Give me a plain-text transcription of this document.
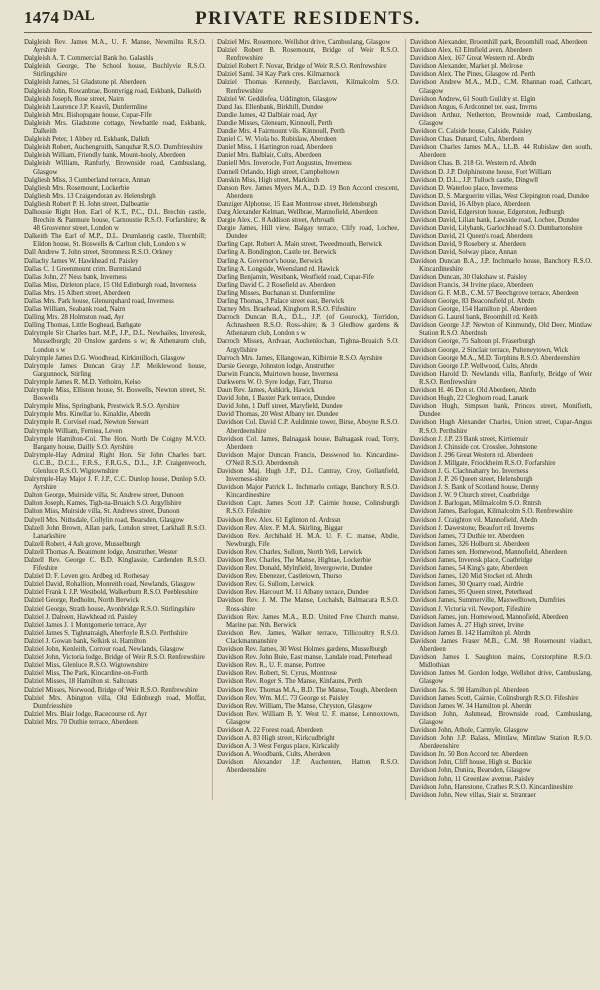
1474 DAL	PRIVATE RESIDENTS.

Dalgleish Rev. James M.A., U. F. Manse, Newmilns R.S.O. Ayrshire

Dalgleish A. T. Commercial Bank ho. Galashls

Dalgleish George, The School house, Buchlyvie R.S.O. Stirlingshire

Dalgleish James, 51 Gladstone pl. Aberdeen

Dalgleish John, Rowanbrae, Bonnyrigg road, Eskbank, Dalkeith

Dalgleish Joseph, Rose street, Nairn

Dalgleish Laurence J.P. Keavil, Dunfermline

Dalgleish Mrs. Bishopsgate house, Cupar-Fife

Dalgleish Mrs. Gladstone cottage, Newbattle road, Eskbank, Dalkeith

Dalgleish Peter, 1 Abbey rd. Eskbank, Dalkth

Dalgleish Robert, Auchengruith, Sanquhar R.S.O. Dumfriesshire

Dalgleish William, Friendly bank, Mount-hooly, Aberdeen

Dalgleish William, Ranfurly, Brownside road, Cambuslang, Glasgow

Dalgliesh Miss, 3 Cumberland terrace, Annan

Dalgliesh Mrs. Rosemount, Lockerbie

Dalgliesh Mrs. 13 Craigendoran av. Helensbrgh

Dalgliesh Robert P. H. John street, Dalbeattie

Dalhousie Right Hon. Earl of K.T., P.C., D.L. Brechin castle, Brechin & Panmure house, Carnoustie R.S.O. Forfarshire; & 48 Grosvenor street, London w

Dalkeith The Earl of M.P., D.L. Drumlanrig castle, Thornhill; Eildon house, St. Boswells & Carlton club, London s w

Dall Andrew T. John street, Stromness R.S.O. Orkney

Dallachy James W. Hawkhead rd. Paisley

Dallas C. 1 Greenmount crim. Burntisland

Dallas John, 27 Ness bank, Inverness

Dallas Miss, Dirleton place, 15 Old Edinburgh road, Inverness

Dallas Mrs. 15 Albert street, Aberdeen

Dallas Mrs. Park house, Glenurquhard road, Inverness

Dallas William, Seabank road, Nairn

Dalling Mrs. 28 Holmston road, Ayr

Dalling Thomas, Little Boghead, Bathgate

Dalrymple Sir Charles bart. M.P., J.P., D.L. Newhailes, Inveresk, Musselburgh; 20 Onslow gardens s w; & Athenæum club, London s w

Dalrymple James D.G. Woodhead, Kirkintilloch, Glasgow

Dalrymple James Duncan Gray J.P. Meiklewood house, Gargunnock, Stirling

Dalrymple James R. M.D. Yetholm, Kelso

Dalrymple Miss, Elliston house, St. Boswells, Newton street, St. Boswells

Dalrymple Miss, Springbank, Prestwick R.S.O. Ayrshire

Dalrymple Mrs. Kinellar lo. Kinaldie, Aberdn

Dalrymple R. Corvisel road, Newton Stewart

Dalrymple William, Ferniea, Leven

Dalrymple Hamilton-Col. The Hon. North De Coigny M.V.O. Bargany house, Dailly S.O. Ayrshire

Dalrymple-Hay Admiral Right Hon. Sir John Charles bart. G.C.B., D.C.L., F.R.S., F.R.G.S., D.L., J.P. Craigenveoch, Glenluce R.S.O. Wigtownshire

Dalrymple-Hay Major J. F. J.P., C.C. Dunlop house, Dunlop S.O. Ayrshire

Dalton George, Muirside villa, St. Andrew street, Dunoon

Dalton Joseph, Kames, Tigh-na-Bruaich S.O. Argyllshire

Dalton Miss, Muirside villa, St. Andrews street, Dunoon

Dalyell Mrs. Nithsdale, Collylin road, Bearsden, Glasgow

Dalzell John Brown, Allan park, London street, Larkhall R.S.O. Lanarkshire

Dalzell Robert, 4 Ash grove, Musselburgh

Dalzell Thomas A. Beaumont lodge, Anstruther, Wester

Dalzell Rev. George C. B.D. Kinglassie, Cardenden R.S.O. Fifeshire

Dalziel D. F. Leven gro. Ardbeg rd. Rothesay

Dalziel David, Rohallion, Monreith road, Newlands, Glasgow

Dalziel Frank I. J.P. Westbold, Walkerburn R.S.O. Peeblesshire

Dalziel George, Redholm, North Berwick

Dalziel George, Strath house, Avonbridge R.S.O. Stirlingshire

Dalziel J. Dalreen, Hawkhead rd. Paisley

Dalziel James J. 1 Montgomerie terrace, Ayr

Dalziel James S. Tighnatraigh, Aberfoyle R.S.O. Perthshire

Dalziel J. Gowan bank, Selkirk st. Hamilton

Dalziel John, Kenleith, Corrour road, Newlands, Glasgow

Dalziel John, Victoria lodge, Bridge of Weir R.S.O. Renfrewshire

Dalziel Miss, Glenluce R.S.O. Wigtownshire

Dalziel Miss, The Park, Kincardine-on-Forth

Dalziel Misses, 18 Hamilton st. Saltcoats

Dalziel Misses, Norwood, Bridge of Weir R.S.O. Renfrewshire

Dalziel Mrs. Abington villa, Old Edinburgh road, Moffat, Dumfriesshire

Dalziel Mrs. Blair lodge, Racecourse rd. Ayr

Dalziel Mrs. 70 Duthie terrace, Aberdeen

Dalziel Mrs. Rosemore, Wellshot drive, Cambuslang, Glasgow

Dalziel Robert B. Rosemount, Bridge of Weir R.S.O. Renfrewshire

Dalziel Robert F. Novar, Bridge of Weir R.S.O. Renfrewshire

Dalziel Saml. 34 Kay Park cres. Kilmarnock

Dalziel Thomas Kennedy, Barclaven, Kilmalcolm S.O. Renfrewshire

Dalziel W. Geddiefea, Uddington, Glasgow

Dand Jas. Ellenbank, Birkhill, Dundee

Dandie James, 42 Dalblair road, Ayr

Dandie Misses, Glenearn, Kinnoull, Perth

Dandie Mrs. 4 Fairmount vils. Kinnoull, Perth

Daniel C. W. Viola ho. Rubislaw, Aberdeen

Daniel Miss, 1 Hartington road, Aberdeen

Daniel Mrs. Balblair, Cults, Aberdeen

Daniell Mrs. Inverocle, Fort Augustus, Inverness

Dannell Orlando, High street, Campbeltown

Danskin Miss, High street, Markinch

Danson Rev. James Myers M.A., D.D. 19 Bon Accord crescent, Aberdeen

Danziger Alphonse, 15 East Montrose street, Helensburgh

Darg Alexander Kelman, Wellbrae, Mannofield, Aberdeen

Dargie Alex. C. 8 Addison street, Arbroath

Dargie James, Hill view, Balgay terrace, Clify road, Lochee, Dundee

Darling Capt. Robert A. Main street, Tweedmouth, Berwick

Darling A. Bondington, Castle ter. Berwick

Darling A. Governor's house, Berwick

Darling A. Longside, Weensland rd. Hawick

Darling Benjamin, Westbank, Westfield road, Cupar-Fife

Darling David C. 2 Rosefield av. Aberdeen

Darling Misses, Buchanan st. Dunfermline

Darling Thomas, 3 Palace street east, Berwick

Darney Mrs. Braehead, Kinghorn R.S.O. Fifeshire

Darroch Duncan B.A., D.L., J.P. (of Gourock), Torridon, Achnasheen R.S.O. Ross-shire; & 3 Gledhow gardens & Athenæum club, London s w

Darroch Misses, Ardvaar, Auchenlochan, Tighna-Bruaich S.O. Argyllshire

Darroch Mrs. James, Ellangowan, Kilbirnie R.S.O. Ayrshire

Darsie George, Johnston lodge, Anstruther

Darwin Francis, Muirtown house, Inverness

Darkwerts W. O. Syre lodge, Farr, Thurso

Daun Rev. James, Ashkirk, Hawick

David John, 1 Baxter Park terrace, Dundee

David John, 1 Duff street, Maryfield, Dundee

David Thomas, 20 West Albany ter. Dundee

Davidson Col. David C.P. Auldinnie tower, Birse, Aboyne R.S.O. Aberdeenshire

Davidson Col. James, Balnagask house, Balnagask road, Torry, Aberdeen

Davidson Major Duncan Francis, Desswood ho. Kincardine-O'Neil R.S.O. Aberdeensh

Davidson Maj. Hugh J.P., D.L. Cantray, Croy, Gollanfield, Inverness-shire

Davidson Major Patrick L. Inchmarlo cottage, Banchory R.S.O. Kincardineshire

Davidson Capt. James Scott J.P. Cairnie house, Colinsburgh R.S.O. Fifeshire

Davidson Rev. Alex. 61 Eglinton rd. Ardrssn

Davidson Rev. Alex. P. M.A. Skirling, Biggar

Davidson Rev. Archibald H. M.A. U. F. C. manse, Abdie, Newburgh, Fife

Davidson Rev. Charles, Sullom, North Yell, Lerwick

Davidson Rev. Charles, The Manse, Hightae, Lockerbie

Davidson Rev. Donald, Mylnfield, Invergowrie, Dundee

Davidson Rev. Ebenezer, Castletown, Thurso

Davidson Rev. G. Sullom, Lerwick

Davidson Rev. Harcourt M. 11 Albany terrace, Dundee

Davidson Rev. J. M. The Manse, Lochalsh, Balmacara R.S.O. Ross-shire

Davidson Rev. James M.A., B.D. United Free Church manse, Marine par. Nth. Berwick

Davidson Rev. James, Walker terrace, Tillicoultry R.S.O. Clackmannanshire

Davidson Rev. James, 30 West Holmes gardens, Musselburgh

Davidson Rev. John Buie, East manse, Landale road, Peterhead

Davidson Rev. R., U. F. manse, Portree

Davidson Rev. Robert, St. Cyrus, Montrose

Davidson Rev. Roger S. The Manse, Kinfauns, Perth

Davidson Rev. Thomas M.A., B.D. The Manse, Tough, Aberdeen

Davidson Rev. Wm. M.C. 73 George st. Paisley

Davidson Rev. William, The Manse, Chryston, Glasgow

Davidson Rev. William B. Y. West U. F. manse, Lennoxtown, Glasgow

Davidson A. 22 Forest road, Aberdeen

Davidson A. 83 High street, Kirkcudbright

Davidson A. 3 West Fergus place, Kirkcaldy

Davidson A. Woodbank, Cults, Aberdeen

Davidson Alexander J.P. Auchenten, Hatton R.S.O. Aberdeenshire

Davidson Alexander, Broomhill park, Broomhill road, Aberdeen

Davidson Alex. 63 Elmfield aven. Aberdeen

Davidson Alex. 167 Great Western rd. Abrdn

Davidson Alexander, Market pl. Melrose

Davidson Alex. The Pines, Glasgow rd. Perth

Davidson Andrew M.A., M.D., C.M. Rhannan road, Cathcart, Glasgow

Davidson Andrew, 61 South Guildry st. Elgin

Davidson Angus, 6 Ardconnel ter. east, Invrns

Davidson Arthur, Netherton, Brownside road, Cambuslang, Glasgow

Davidson C. Calside house, Calside, Paisley

Davidson Chas. Dunard, Cults, Aberdeen

Davidson Charles James M.A., LL.B. 44 Rubislaw den south, Aberdeen

Davidson Chas. B. 218 Gt. Western rd. Abrdn

Davidson D. J.P. Dolphinstone house, Fort William

Davidson D. D.L., J.P. Tulloch castle, Dingwll

Davidson D. Waterloo place, Inverness

Davidson D. S. Marguerite villas, West Clepington road, Dundee

Davidson David, 16 Albyn place, Aberdeen

Davidson David, Edgerston house, Edgerston, Jedburgh

Davidson David, Lilian bank, Lawside road, Lochee, Dundee

Davidson David, Lilybank, Garlochhead S.O. Dumbartonshire

Davidson David, 21 Queen's road, Aberdeen

Davidson David, 9 Rosebery st. Aberdeen

Davidson David, Solway place, Annan

Davidson Duncan B.A., J.P. Inchmarlo house, Banchory R.S.O. Kincardineshire

Davidson Duncan, 30 Oakshaw st. Paisley

Davidson Francis, 34 Irvine place, Aberdeen

Davidson G. F. M.B., C.M. 57 Beechgrove terrace, Aberdeen

Davidson George, 83 Beaconsfield pl. Abrdn

Davidson George, 154 Hamilton pl. Aberdeen

Davidson G. Laurel bank, Broomhill rd. Keith

Davidson George J.P. Newton of Kinmundy, Old Deer, Mintlaw Station R.S.O. Aberdnsh

Davidson George, 75 Saltoun pl. Fraserburgh

Davidson George, 2 Sinclair terrace, Pulteneytown, Wick

Davidson George M.A., M.D. Torphins R.S.O. Aberdeenshire

Davidson George J.P. Wellwood, Cults, Abrdn

Davidson Harold D. Newlands villa, Ranfurly, Bridge of Weir R.S.O. Renfrewshire

Davidson H. 46 Don st. Old Aberdeen, Abrdn

Davidson Hugh, 22 Cleghorn road, Lanark

Davidson Hugh, Simpson bank, Princes street, Monifieth, Dundee

Davidson Hugh Alexander Charles, Union street, Cupar-Angus R.S.O. Perthshire

Davidson J. J.P. 23 Bank street, Kirriemuir

Davidson J. Chinside cot. Crosslee, Johnstone

Davidson J. 296 Great Western rd. Aberdeen

Davidson J. Millgate, Friockheim R.S.O. Forfarshire

Davidson J. G. Clachnaharry ho. Inverness

Davidson J. P. 26 Queen street, Helensburgh

Davidson J. S. Bank of Scotland house, Denny

Davidson J. W. 9 Church street, Coatbridge

Davidson J. Barlogan, Milmalcolm S.O. Rntrsh

Davidson James, Barlogan, Kilmalcolm S.O. Renfrewshire

Davidson J. Craighton vil. Mannofield, Abrdn

Davidson J. Dawestone, Beaufort rd. Inverns

Davidson James, 73 Duthie ter. Aberdeen

Davidson James, 326 Holburn st. Aberdeen

Davidson James sen. Homewood, Mannofield, Aberdeen

Davidson James, Inveresk place, Coatbridge

Davidson James, 54 King's gate, Aberdeen

Davidson James, 120 Mid Stocket rd. Abrdn

Davidson James, 30 Quarry road, Airdrie

Davidson James, 95 Queen street, Peterhead

Davidson James, Summerville, Maxwelltown, Dumfries

Davidson J. Victoria vil. Newport, Fifeshire

Davidson James, jun. Homewood, Mannofield, Aberdeen

Davidson James A. 27 High street, Irvine

Davidson James B. 142 Hamilton pl. Abrdn

Davidson James Fraser M.B., C.M. 98 Rosemount viaduct, Aberdeen

Davidson James I. Saughton mains, Corstorphine R.S.O. Midlothian

Davidson James M. Gordon lodge, Wellshot drive, Cambuslang, Glasgow

Davidson Jas. S. 98 Hamilton pl. Aberdeen

Davidson James Scott, Cairnie, Colinsburgh R.S.O. Fifeshire

Davidson James W. 34 Hamilton pl. Aberdn

Davidson John, Ashmead, Brownside road, Cambuslang, Glasgow

Davidson John, Athole, Carmyle, Glasgow

Davidson John J.P. Balass, Mintlaw, Mintlaw Station R.S.O. Aberdeenshire

Davidson Jn. 50 Bon Accord ter. Aberdeen

Davidson John, Cliff house, High st. Buckie

Davidson John, Dunira, Bearsden, Glasgow

Davidson John, 11 Greenlaw avenue, Paisley

Davidson John, Harestone, Crathes R.S.O. Kincardineshire

Davidson John, New villas, Stair st. Stranraer
